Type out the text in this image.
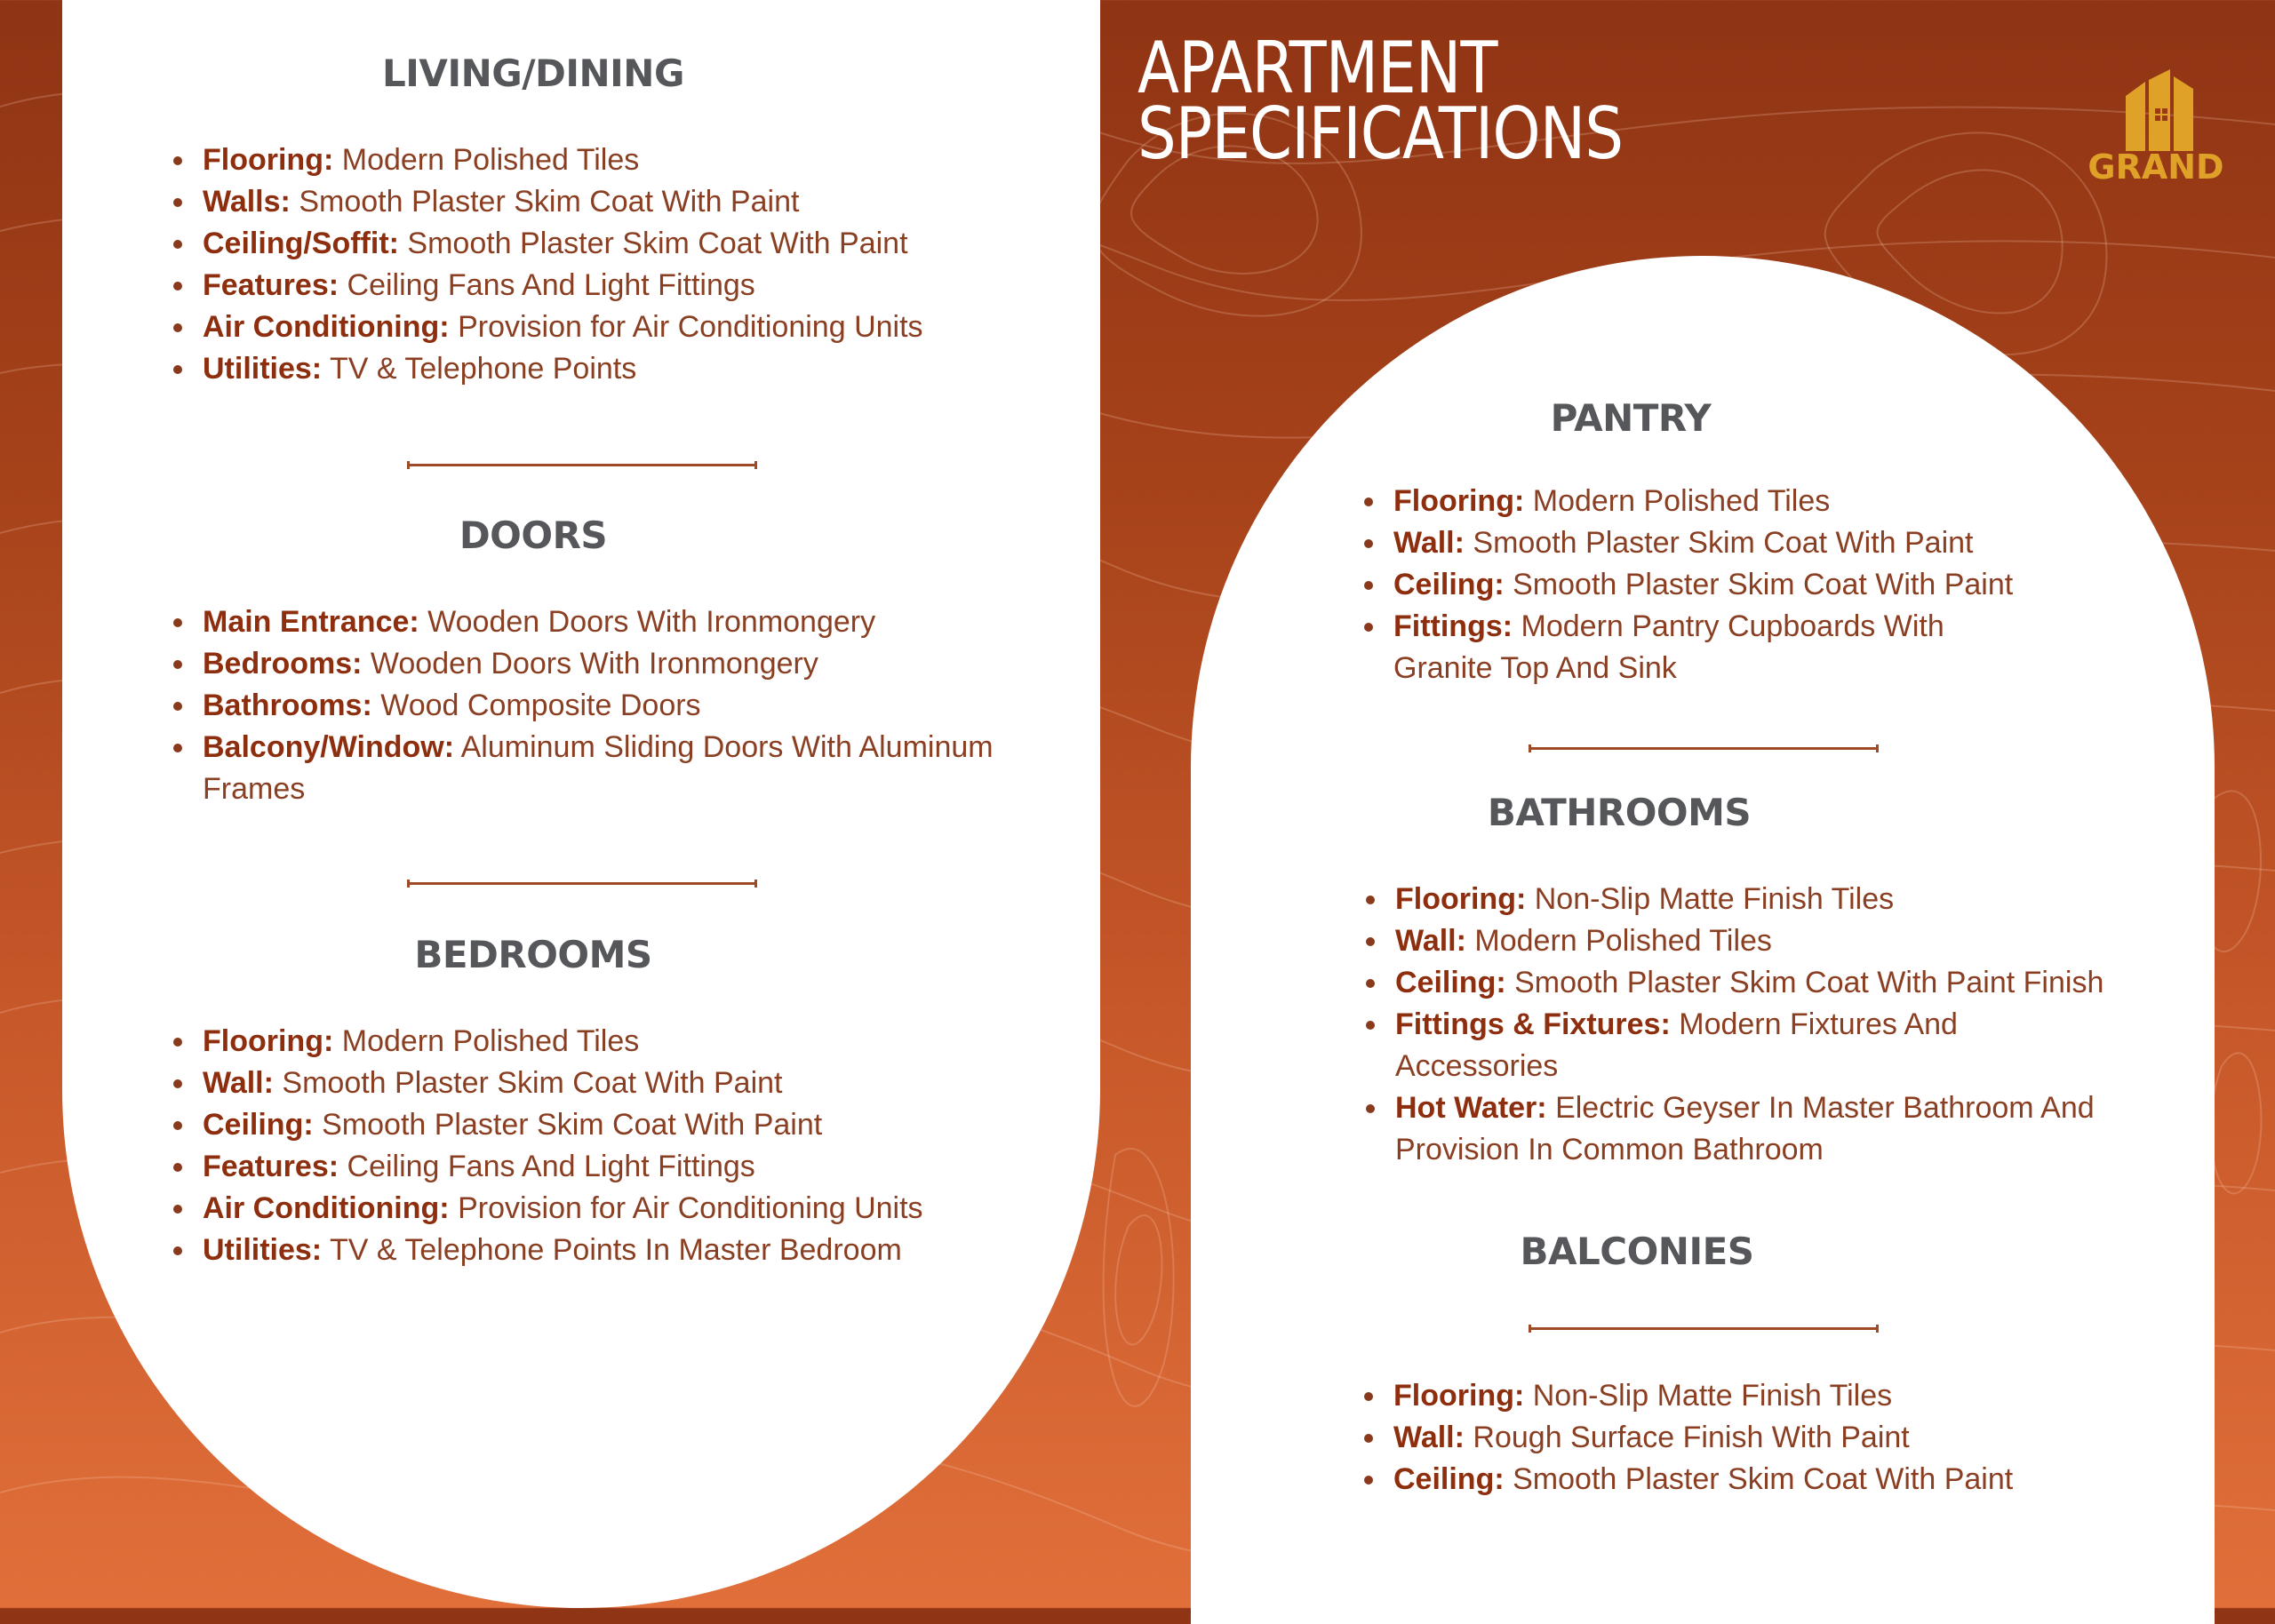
APARTMENT
SPECIFICATIONS	GRAND
LIVING/DINING
Flooring: Modern Polished Tiles
Walls: Smooth Plaster Skim Coat With Paint
Ceiling/Soffit: Smooth Plaster Skim Coat With Paint
Features: Ceiling Fans And Light Fittings
Air Conditioning: Provision for Air Conditioning Units
Utilities: TV & Telephone Points
DOORS
Main Entrance: Wooden Doors With Ironmongery
Bedrooms: Wooden Doors With Ironmongery
Bathrooms: Wood Composite Doors
Balcony/Window: Aluminum Sliding Doors With Aluminum Frames
BEDROOMS
Flooring: Modern Polished Tiles
Wall: Smooth Plaster Skim Coat With Paint
Ceiling: Smooth Plaster Skim Coat With Paint
Features: Ceiling Fans And Light Fittings
Air Conditioning: Provision for Air Conditioning Units
Utilities: TV & Telephone Points In Master Bedroom
PANTRY
Flooring: Modern Polished Tiles
Wall: Smooth Plaster Skim Coat With Paint
Ceiling: Smooth Plaster Skim Coat With Paint
Fittings: Modern Pantry Cupboards With Granite Top And Sink
BATHROOMS
Flooring: Non-Slip Matte Finish Tiles
Wall: Modern Polished Tiles
Ceiling: Smooth Plaster Skim Coat With Paint Finish
Fittings & Fixtures: Modern Fixtures And Accessories
Hot Water: Electric Geyser In Master Bathroom And Provision In Common Bathroom
BALCONIES
Flooring: Non-Slip Matte Finish Tiles
Wall: Rough Surface Finish With Paint
Ceiling: Smooth Plaster Skim Coat With Paint
